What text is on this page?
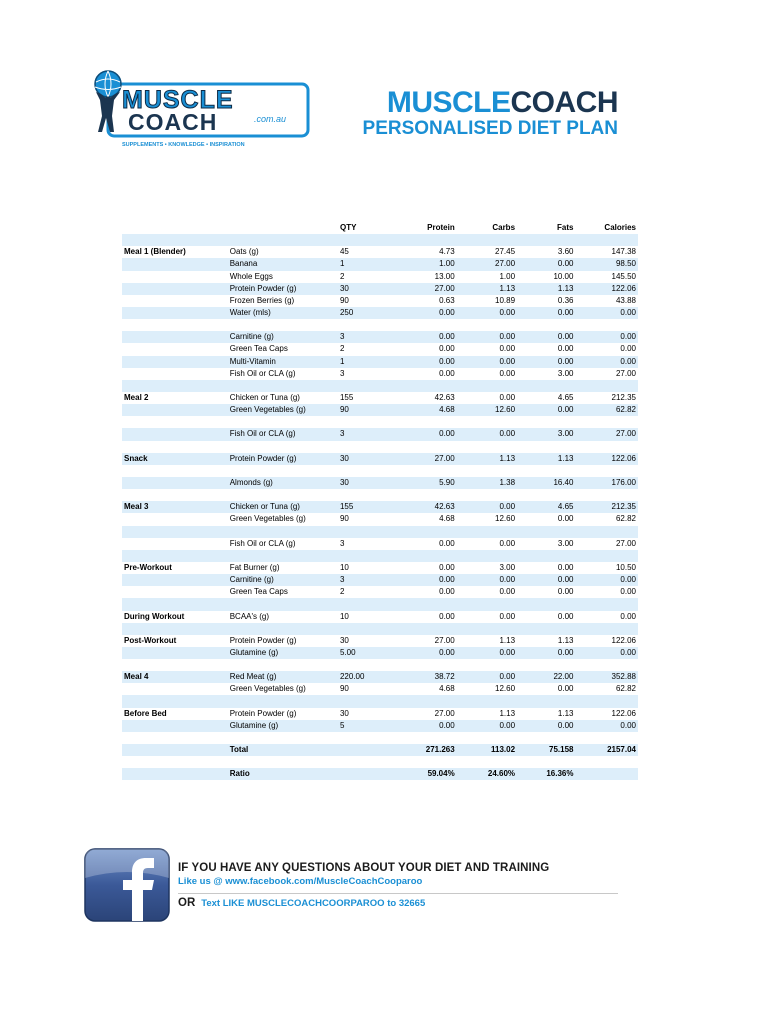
MUSCLE
COACH	.com.au
SUPPLEMENTS • KNOWLEDGE • INSPIRATION
MUSCLECOACH
PERSONALISED DIET PLAN
		QTY	Protein	Carbs	Fats	Calories

Meal 1 (Blender)	Oats (g)	45	4.73	27.45	3.60	147.38
	Banana	1	1.00	27.00	0.00	98.50
	Whole Eggs	2	13.00	1.00	10.00	145.50
	Protein Powder (g)	30	27.00	1.13	1.13	122.06
	Frozen Berries (g)	90	0.63	10.89	0.36	43.88
	Water (mls)	250	0.00	0.00	0.00	0.00

	Carnitine (g)	3	0.00	0.00	0.00	0.00
	Green Tea Caps	2	0.00	0.00	0.00	0.00
	Multi-Vitamin	1	0.00	0.00	0.00	0.00
	Fish Oil or CLA (g)	3	0.00	0.00	3.00	27.00

Meal 2	Chicken or Tuna (g)	155	42.63	0.00	4.65	212.35
	Green Vegetables (g)	90	4.68	12.60	0.00	62.82

	Fish Oil or CLA (g)	3	0.00	0.00	3.00	27.00

Snack	Protein Powder (g)	30	27.00	1.13	1.13	122.06

	Almonds (g)	30	5.90	1.38	16.40	176.00

Meal 3	Chicken or Tuna (g)	155	42.63	0.00	4.65	212.35
	Green Vegetables (g)	90	4.68	12.60	0.00	62.82

	Fish Oil or CLA (g)	3	0.00	0.00	3.00	27.00

Pre-Workout	Fat Burner (g)	10	0.00	3.00	0.00	10.50
	Carnitine (g)	3	0.00	0.00	0.00	0.00
	Green Tea Caps	2	0.00	0.00	0.00	0.00

During Workout	BCAA's (g)	10	0.00	0.00	0.00	0.00

Post-Workout	Protein Powder (g)	30	27.00	1.13	1.13	122.06
	Glutamine (g)	5.00	0.00	0.00	0.00	0.00

Meal 4	Red Meat (g)	220.00	38.72	0.00	22.00	352.88
	Green Vegetables (g)	90	4.68	12.60	0.00	62.82

Before Bed	Protein Powder (g)	30	27.00	1.13	1.13	122.06
	Glutamine (g)	5	0.00	0.00	0.00	0.00

	Total		271.263	113.02	75.158	2157.04

	Ratio		59.04%	24.60%	16.36%	
IF YOU HAVE ANY QUESTIONS ABOUT YOUR DIET AND TRAINING
Like us @ www.facebook.com/MuscleCoachCooparoo
OR Text LIKE MUSCLECOACHCOORPAROO to 32665
